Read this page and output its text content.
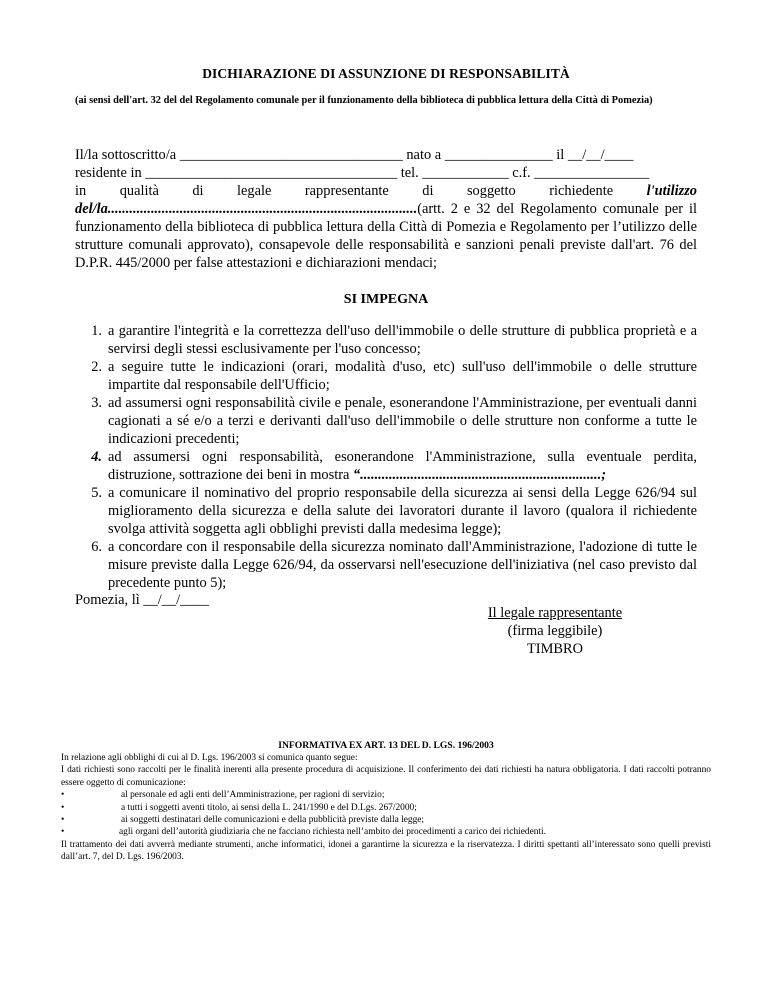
DICHIARAZIONE DI ASSUNZIONE DI RESPONSABILITÀ
(ai sensi dell'art. 32 del del Regolamento comunale per il funzionamento della biblioteca di pubblica lettura della Città di Pomezia)
Il/la sottoscritto/a _______________________________ nato a _______________ il __/__/____
residente in ___________________________________ tel. ____________ c.f. ________________
in qualità di legale rappresentante di soggetto richiedente l'utilizzo
del/la......................................................................................(artt. 2 e 32 del Regolamento comunale per il funzionamento della biblioteca di pubblica lettura della Città di Pomezia e Regolamento per l’utilizzo delle strutture comunali approvato), consapevole delle responsabilità e sanzioni penali previste dall'art. 76 del D.P.R. 445/2000 per false attestazioni e dichiarazioni mendaci;
SI IMPEGNA
1. a garantire l'integrità e la correttezza dell'uso dell'immobile o delle strutture di pubblica proprietà e a servirsi degli stessi esclusivamente per l'uso concesso;
2. a seguire tutte le indicazioni (orari, modalità d'uso, etc) sull'uso dell'immobile o delle strutture impartite dal responsabile dell'Ufficio;
3. ad assumersi ogni responsabilità civile e penale, esonerandone l'Amministrazione, per eventuali danni cagionati a sé e/o a terzi e derivanti dall'uso dell'immobile o delle strutture non conforme a tutte le indicazioni precedenti;
4. ad assumersi ogni responsabilità, esonerandone l'Amministrazione, sulla eventuale perdita, distruzione, sottrazione dei beni in mostra “...................................................................;
5. a comunicare il nominativo del proprio responsabile della sicurezza ai sensi della Legge 626/94 sul miglioramento della sicurezza e della salute dei lavoratori durante il lavoro (qualora il richiedente svolga attività soggetta agli obblighi previsti dalla medesima legge);
6. a concordare con il responsabile della sicurezza nominato dall'Amministrazione, l'adozione di tutte le misure previste dalla Legge 626/94, da osservarsi nell'esecuzione dell'iniziativa (nel caso previsto dal precedente punto 5);
Pomezia, lì __/__/____
Il legale rappresentante
(firma leggibile)
TIMBRO
INFORMATIVA EX ART. 13 DEL D. LGS. 196/2003

In relazione agli obblighi di cui al D. Lgs. 196/2003 si comunica quanto segue:

I dati richiesti sono raccolti per le finalità inerenti alla presente procedura di acquisizione. Il conferimento dei dati richiesti ha natura obbligatoria. I dati raccolti potranno essere oggetto di comunicazione:

•	al personale ed agli enti dell’Amministrazione, per ragioni di servizio;
•	a tutti i soggetti aventi titolo, ai sensi della L. 241/1990 e del D.Lgs. 267/2000;
•	ai soggetti destinatari delle comunicazioni e della pubblicità previste dalla legge;
•	agli organi dell’autorità giudiziaria che ne facciano richiesta nell’ambito dei procedimenti a carico dei richiedenti.

Il trattamento dei dati avverrà mediante strumenti, anche informatici, idonei a garantirne la sicurezza e la riservatezza. I diritti spettanti all’interessato sono quelli previsti dall’art. 7, del D. Lgs. 196/2003.
